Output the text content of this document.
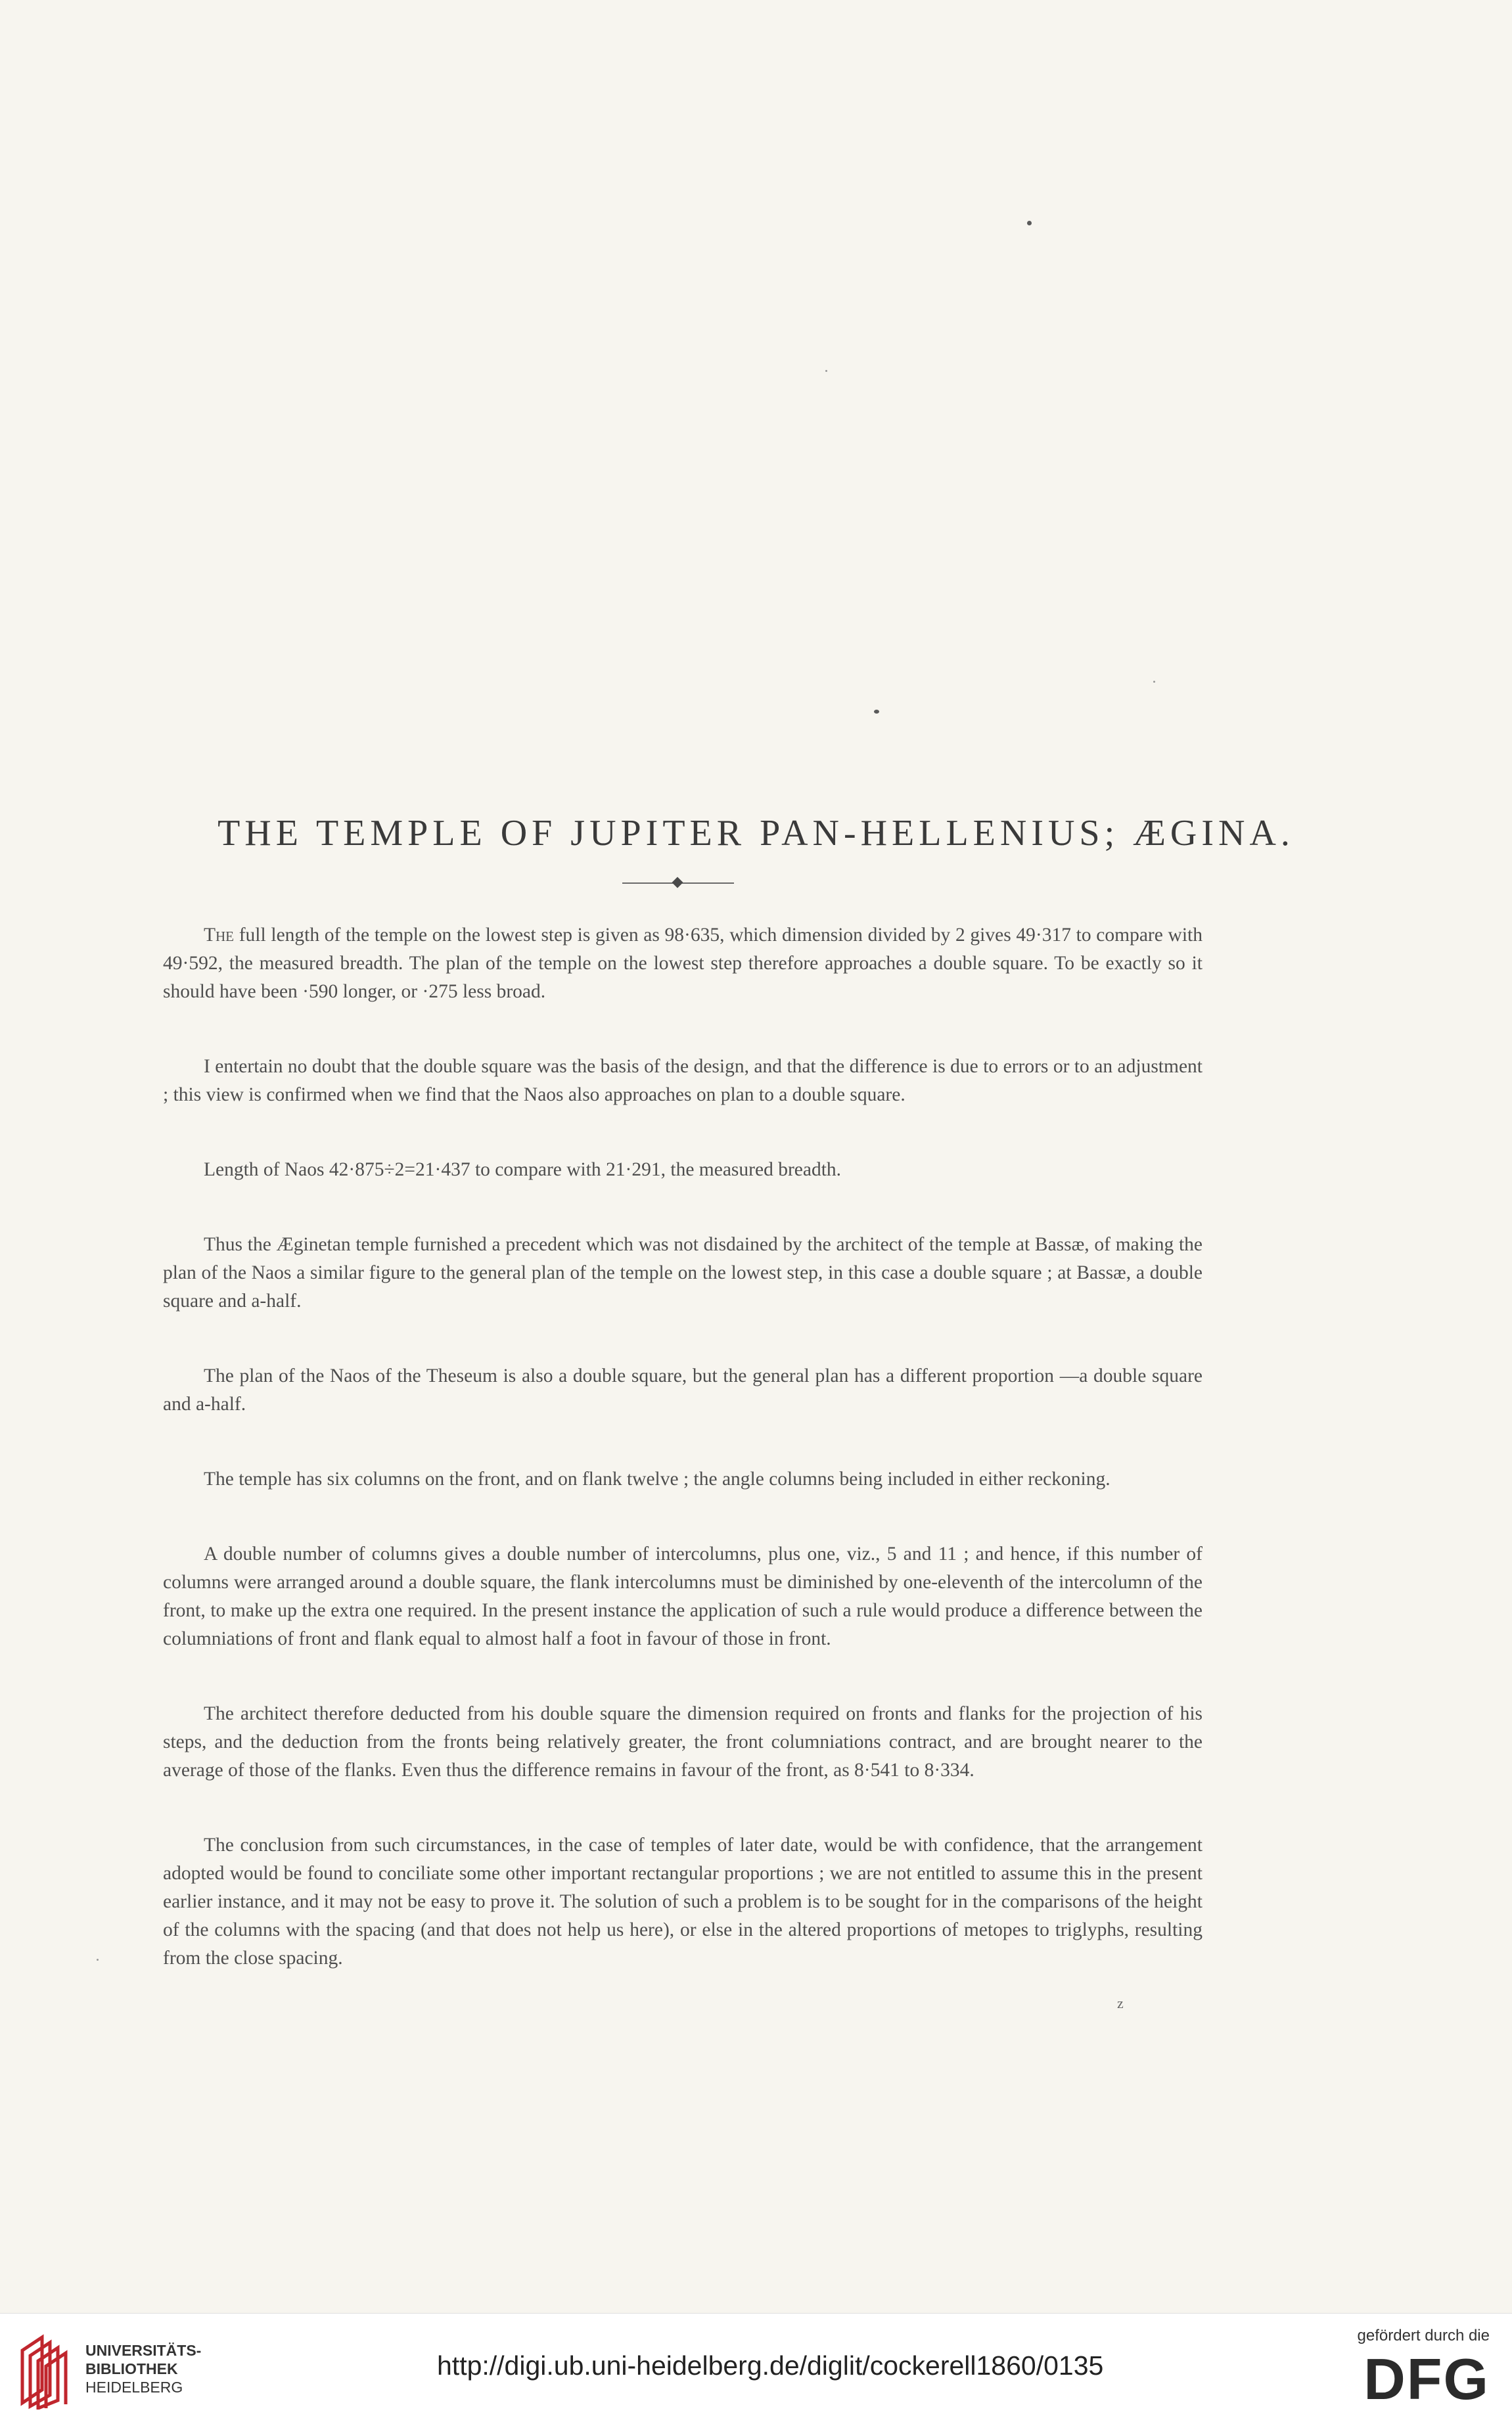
THE TEMPLE OF JUPITER PAN-HELLENIUS; ÆGINA.

The full length of the temple on the lowest step is given as 98·635, which dimension divided by 2 gives 49·317 to compare with 49·592, the measured breadth. The plan of the temple on the lowest step therefore approaches a double square. To be exactly so it should have been ·590 longer, or ·275 less broad.

I entertain no doubt that the double square was the basis of the design, and that the difference is due to errors or to an adjustment ; this view is confirmed when we find that the Naos also approaches on plan to a double square.

Length of Naos 42·875÷2=21·437 to compare with 21·291, the measured breadth.

Thus the Æginetan temple furnished a precedent which was not disdained by the architect of the temple at Bassæ, of making the plan of the Naos a similar figure to the general plan of the temple on the lowest step, in this case a double square ; at Bassæ, a double square and a-half.

The plan of the Naos of the Theseum is also a double square, but the general plan has a different proportion —a double square and a-half.

The temple has six columns on the front, and on flank twelve ; the angle columns being included in either reckoning.

A double number of columns gives a double number of intercolumns, plus one, viz., 5 and 11 ; and hence, if this number of columns were arranged around a double square, the flank intercolumns must be diminished by one-eleventh of the intercolumn of the front, to make up the extra one required. In the present instance the application of such a rule would produce a difference between the columniations of front and flank equal to almost half a foot in favour of those in front.

The architect therefore deducted from his double square the dimension required on fronts and flanks for the projection of his steps, and the deduction from the fronts being relatively greater, the front columniations contract, and are brought nearer to the average of those of the flanks. Even thus the difference remains in favour of the front, as 8·541 to 8·334.

The conclusion from such circumstances, in the case of temples of later date, would be with confidence, that the arrangement adopted would be found to conciliate some other important rectangular proportions ; we are not entitled to assume this in the present earlier instance, and it may not be easy to prove it. The solution of such a problem is to be sought for in the comparisons of the height of the columns with the spacing (and that does not help us here), or else in the altered proportions of metopes to triglyphs, resulting from the close spacing.

z
UNIVERSITÄTS-
BIBLIOTHEK
HEIDELBERG
http://digi.ub.uni-heidelberg.de/diglit/cockerell1860/0135
gefördert durch die
DFG
